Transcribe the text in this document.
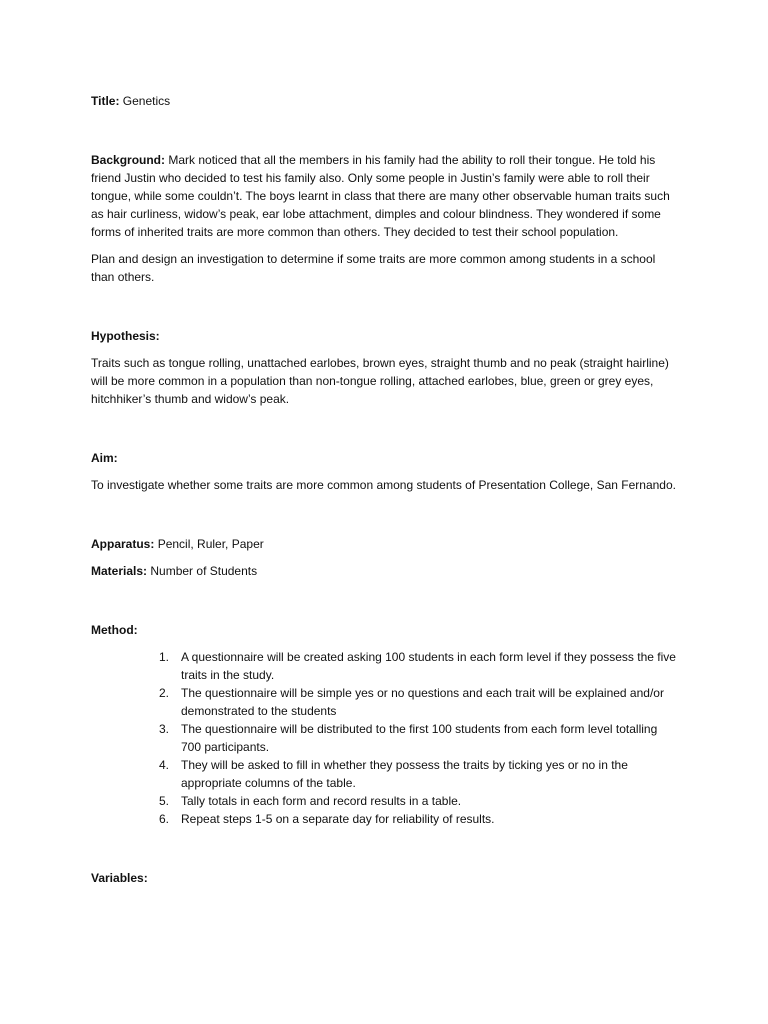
Title: Genetics

Background: Mark noticed that all the members in his family had the ability to roll their tongue. He told his friend Justin who decided to test his family also. Only some people in Justin’s family were able to roll their tongue, while some couldn’t. The boys learnt in class that there are many other observable human traits such as hair curliness, widow’s peak, ear lobe attachment, dimples and colour blindness. They wondered if some forms of inherited traits are more common than others. They decided to test their school population.

Plan and design an investigation to determine if some traits are more common among students in a school than others.

Hypothesis:

Traits such as tongue rolling, unattached earlobes, brown eyes, straight thumb and no peak (straight hairline) will be more common in a population than non-tongue rolling, attached earlobes, blue, green or grey eyes, hitchhiker’s thumb and widow’s peak.

Aim:

To investigate whether some traits are more common among students of Presentation College, San Fernando.

Apparatus: Pencil, Ruler, Paper

Materials: Number of Students

Method:

1. A questionnaire will be created asking 100 students in each form level if they possess the five traits in the study.
2. The questionnaire will be simple yes or no questions and each trait will be explained and/or demonstrated to the students
3. The questionnaire will be distributed to the first 100 students from each form level totalling 700 participants.
4. They will be asked to fill in whether they possess the traits by ticking yes or no in the appropriate columns of the table.
5. Tally totals in each form and record results in a table.
6. Repeat steps 1-5 on a separate day for reliability of results.

Variables:
